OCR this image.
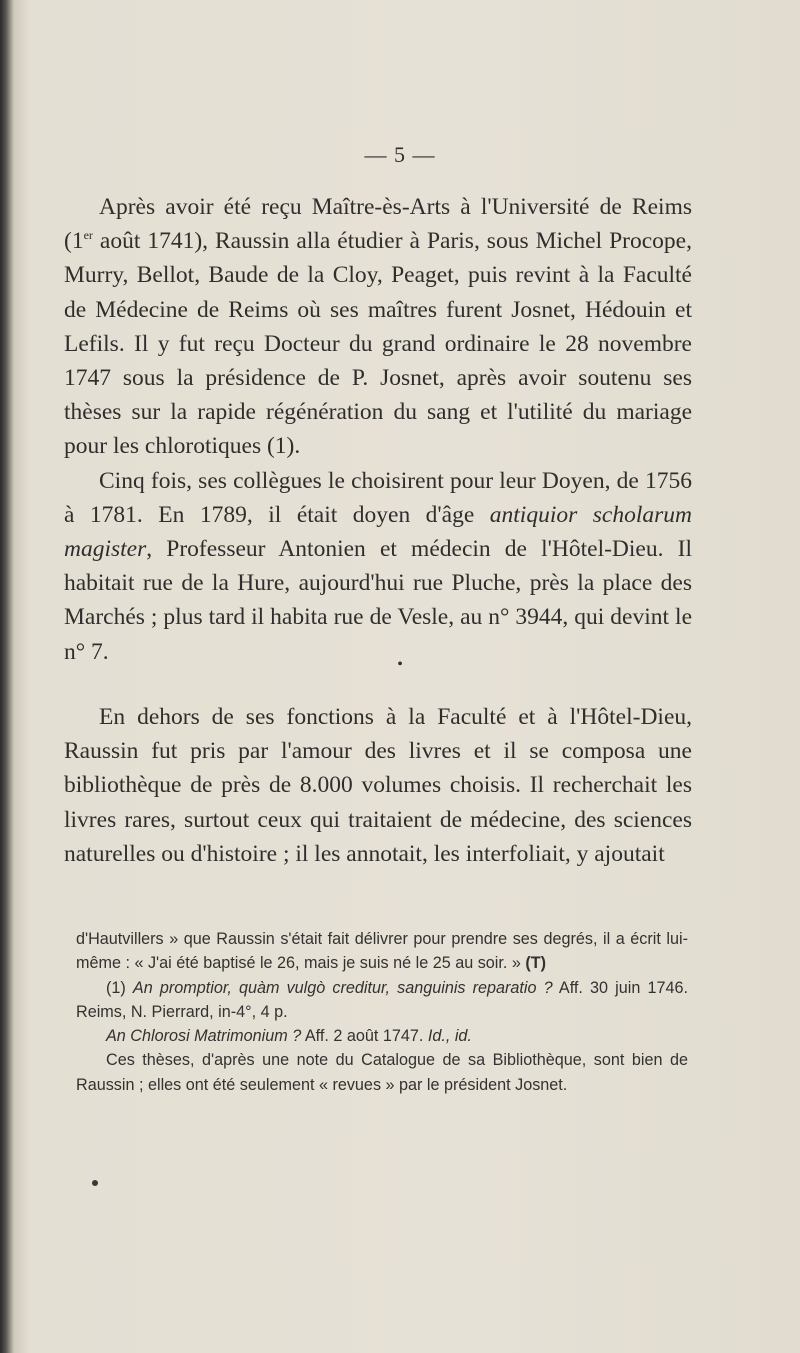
— 5 —

Après avoir été reçu Maître-ès-Arts à l'Université de Reims (1er août 1741), Raussin alla étudier à Paris, sous Michel Procope, Murry, Bellot, Baude de la Cloy, Peaget, puis revint à la Faculté de Médecine de Reims où ses maîtres furent Josnet, Hédouin et Lefils. Il y fut reçu Docteur du grand ordinaire le 28 novembre 1747 sous la présidence de P. Josnet, après avoir soutenu ses thèses sur la rapide régénération du sang et l'utilité du mariage pour les chlorotiques (1).

Cinq fois, ses collègues le choisirent pour leur Doyen, de 1756 à 1781. En 1789, il était doyen d'âge antiquior scholarum magister, Professeur Antonien et médecin de l'Hôtel-Dieu. Il habitait rue de la Hure, aujourd'hui rue Pluche, près la place des Marchés ; plus tard il habita rue de Vesle, au n° 3944, qui devint le n° 7.	•

En dehors de ses fonctions à la Faculté et à l'Hôtel-Dieu, Raussin fut pris par l'amour des livres et il se composa une bibliothèque de près de 8.000 volumes choisis. Il recherchait les livres rares, surtout ceux qui traitaient de médecine, des sciences naturelles ou d'histoire ; il les annotait, les interfoliait, y ajoutait

d'Hautvillers » que Raussin s'était fait délivrer pour prendre ses degrés, il a écrit lui-même : « J'ai été baptisé le 26, mais je suis né le 25 au soir. » (T)

(1) An promptior, quàm vulgò creditur, sanguinis reparatio ? Aff. 30 juin 1746. Reims, N. Pierrard, in-4°, 4 p.

An Chlorosi Matrimonium ? Aff. 2 août 1747. Id., id.

Ces thèses, d'après une note du Catalogue de sa Bibliothèque, sont bien de Raussin ; elles ont été seulement « revues » par le président Josnet.
